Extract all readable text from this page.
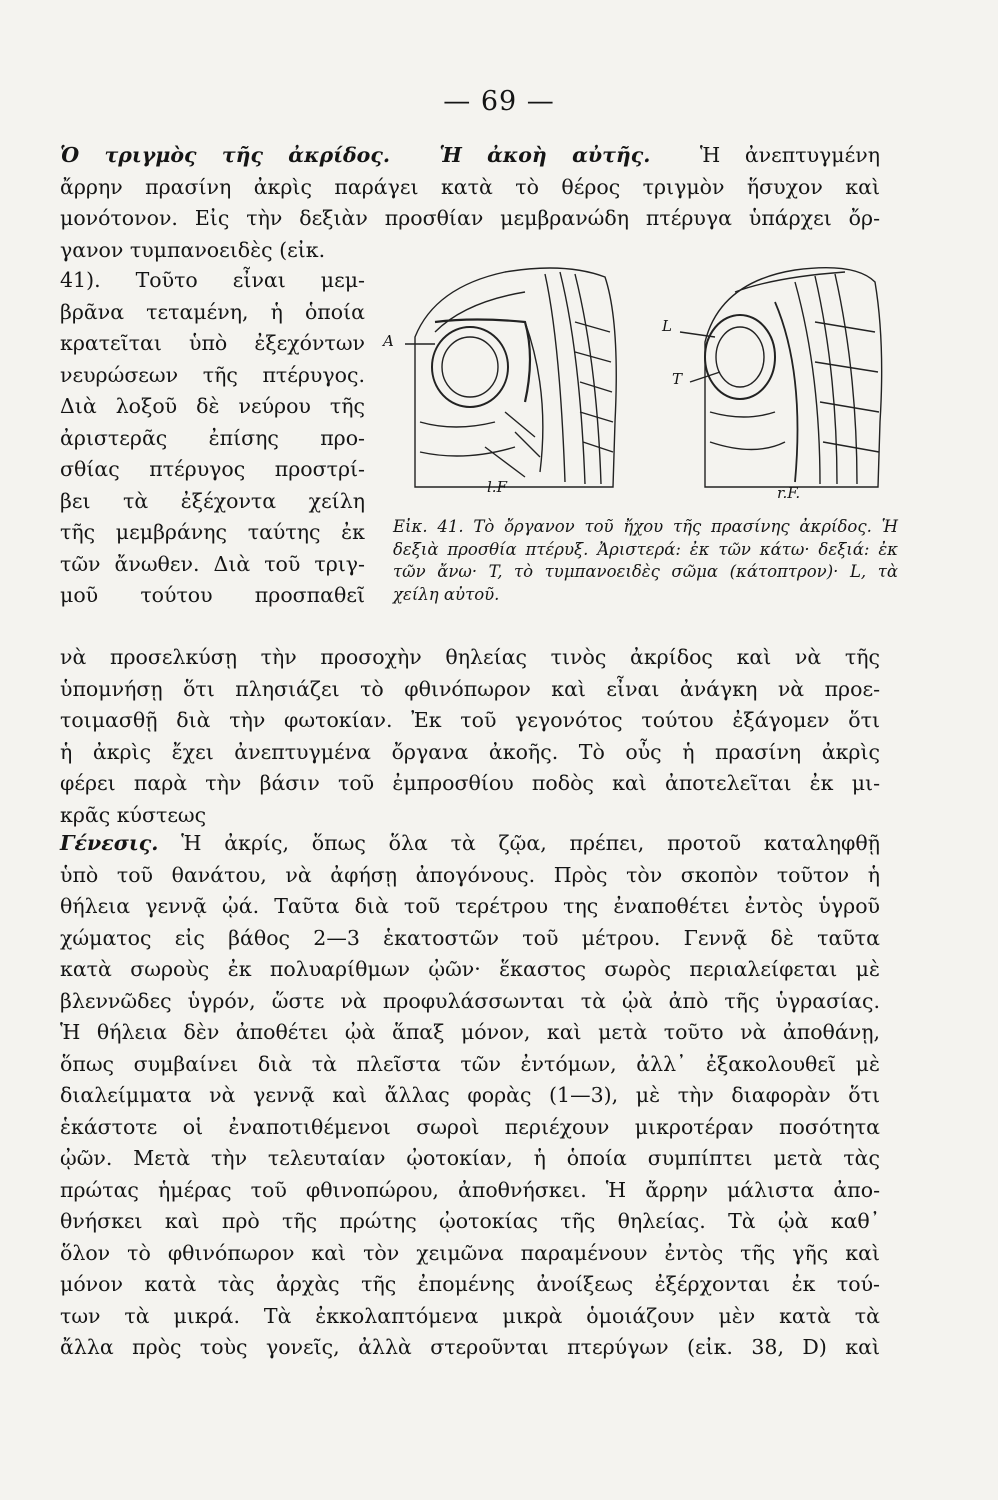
— 69 —

Ὁ τριγμὸς τῆς ἀκρίδος. Ἡ ἀκοὴ αὐτῆς. Ἡ ἀνεπτυγμένη

ἄρρην πρασίνη ἀκρὶς παράγει κατὰ τὸ θέρος τριγμὸν ἥσυχον καὶ

μονότονον. Εἰς τὴν δεξιὰν προσθίαν μεμβρανώδη πτέρυγα ὑπάρχει ὄρ-

γανον τυμπανοειδὲς (εἰκ.

41). Τοῦτο εἶναι μεμ-

βρᾶνα τεταμένη, ἡ ὁποία

κρατεῖται ὑπὸ ἐξεχόντων

νευρώσεων τῆς πτέρυγος.

Διὰ λοξοῦ δὲ νεύρου τῆς

ἀριστερᾶς ἐπίσης προ-

σθίας πτέρυγος προστρί-

βει τὰ ἐξέχοντα χείλη

τῆς μεμβράνης ταύτης ἐκ

τῶν ἄνωθεν. Διὰ τοῦ τριγ-

μοῦ τούτου προσπαθεῖ

A
L
T
l.F	r.F.
Εἰκ. 41. Τὸ ὄργανον τοῦ ἤχου τῆς πρασίνης ἀκρίδος. Ἡ δεξιὰ προσθία πτέρυξ. Ἀριστερά: ἐκ τῶν κάτω· δεξιά: ἐκ τῶν ἄνω· T, τὸ τυμπανοειδὲς σῶμα (κάτοπτρον)· L, τὰ χείλη αὐτοῦ.

νὰ προσελκύσῃ τὴν προσοχὴν θηλείας τινὸς ἀκρίδος καὶ νὰ τῆς

ὑπομνήσῃ ὅτι πλησιάζει τὸ φθινόπωρον καὶ εἶναι ἀνάγκη νὰ προε-

τοιμασθῇ διὰ τὴν φωτοκίαν. Ἐκ τοῦ γεγονότος τούτου ἐξάγομεν ὅτι

ἡ ἀκρὶς ἔχει ἀνεπτυγμένα ὄργανα ἀκοῆς. Τὸ οὖς ἡ πρασίνη ἀκρὶς

φέρει παρὰ τὴν βάσιν τοῦ ἐμπροσθίου ποδὸς καὶ ἀποτελεῖται ἐκ μι-

κρᾶς κύστεως

Γένεσις. Ἡ ἀκρίς, ὅπως ὅλα τὰ ζῷα, πρέπει, προτοῦ καταληφθῇ

ὑπὸ τοῦ θανάτου, νὰ ἀφήσῃ ἀπογόνους. Πρὸς τὸν σκοπὸν τοῦτον ἡ

θήλεια γεννᾷ ᾠά. Ταῦτα διὰ τοῦ τερέτρου της ἐναποθέτει ἐντὸς ὑγροῦ

χώματος εἰς βάθος 2—3 ἑκατοστῶν τοῦ μέτρου. Γεννᾷ δὲ ταῦτα

κατὰ σωροὺς ἐκ πολυαρίθμων ᾠῶν· ἕκαστος σωρὸς περιαλείφεται μὲ

βλεννῶδες ὑγρόν, ὥστε νὰ προφυλάσσωνται τὰ ᾠὰ ἀπὸ τῆς ὑγρασίας.

Ἡ θήλεια δὲν ἀποθέτει ᾠὰ ἅπαξ μόνον, καὶ μετὰ τοῦτο νὰ ἀποθάνῃ,

ὅπως συμβαίνει διὰ τὰ πλεῖστα τῶν ἐντόμων, ἀλλ᾽ ἐξακολουθεῖ μὲ

διαλείμματα νὰ γεννᾷ καὶ ἄλλας φορὰς (1—3), μὲ τὴν διαφορὰν ὅτι

ἑκάστοτε οἱ ἐναποτιθέμενοι σωροὶ περιέχουν μικροτέραν ποσότητα

ᾠῶν. Μετὰ τὴν τελευταίαν ᾠοτοκίαν, ἡ ὁποία συμπίπτει μετὰ τὰς

πρώτας ἡμέρας τοῦ φθινοπώρου, ἀποθνήσκει. Ἡ ἄρρην μάλιστα ἀπο-

θνήσκει καὶ πρὸ τῆς πρώτης ᾠοτοκίας τῆς θηλείας. Τὰ ᾠὰ καθ᾽

ὅλον τὸ φθινόπωρον καὶ τὸν χειμῶνα παραμένουν ἐντὸς τῆς γῆς καὶ

μόνον κατὰ τὰς ἀρχὰς τῆς ἐπομένης ἀνοίξεως ἐξέρχονται ἐκ τού-

των τὰ μικρά. Τὰ ἐκκολαπτόμενα μικρὰ ὁμοιάζουν μὲν κατὰ τὰ

ἄλλα πρὸς τοὺς γονεῖς, ἀλλὰ στεροῦνται πτερύγων (εἰκ. 38, D) καὶ
